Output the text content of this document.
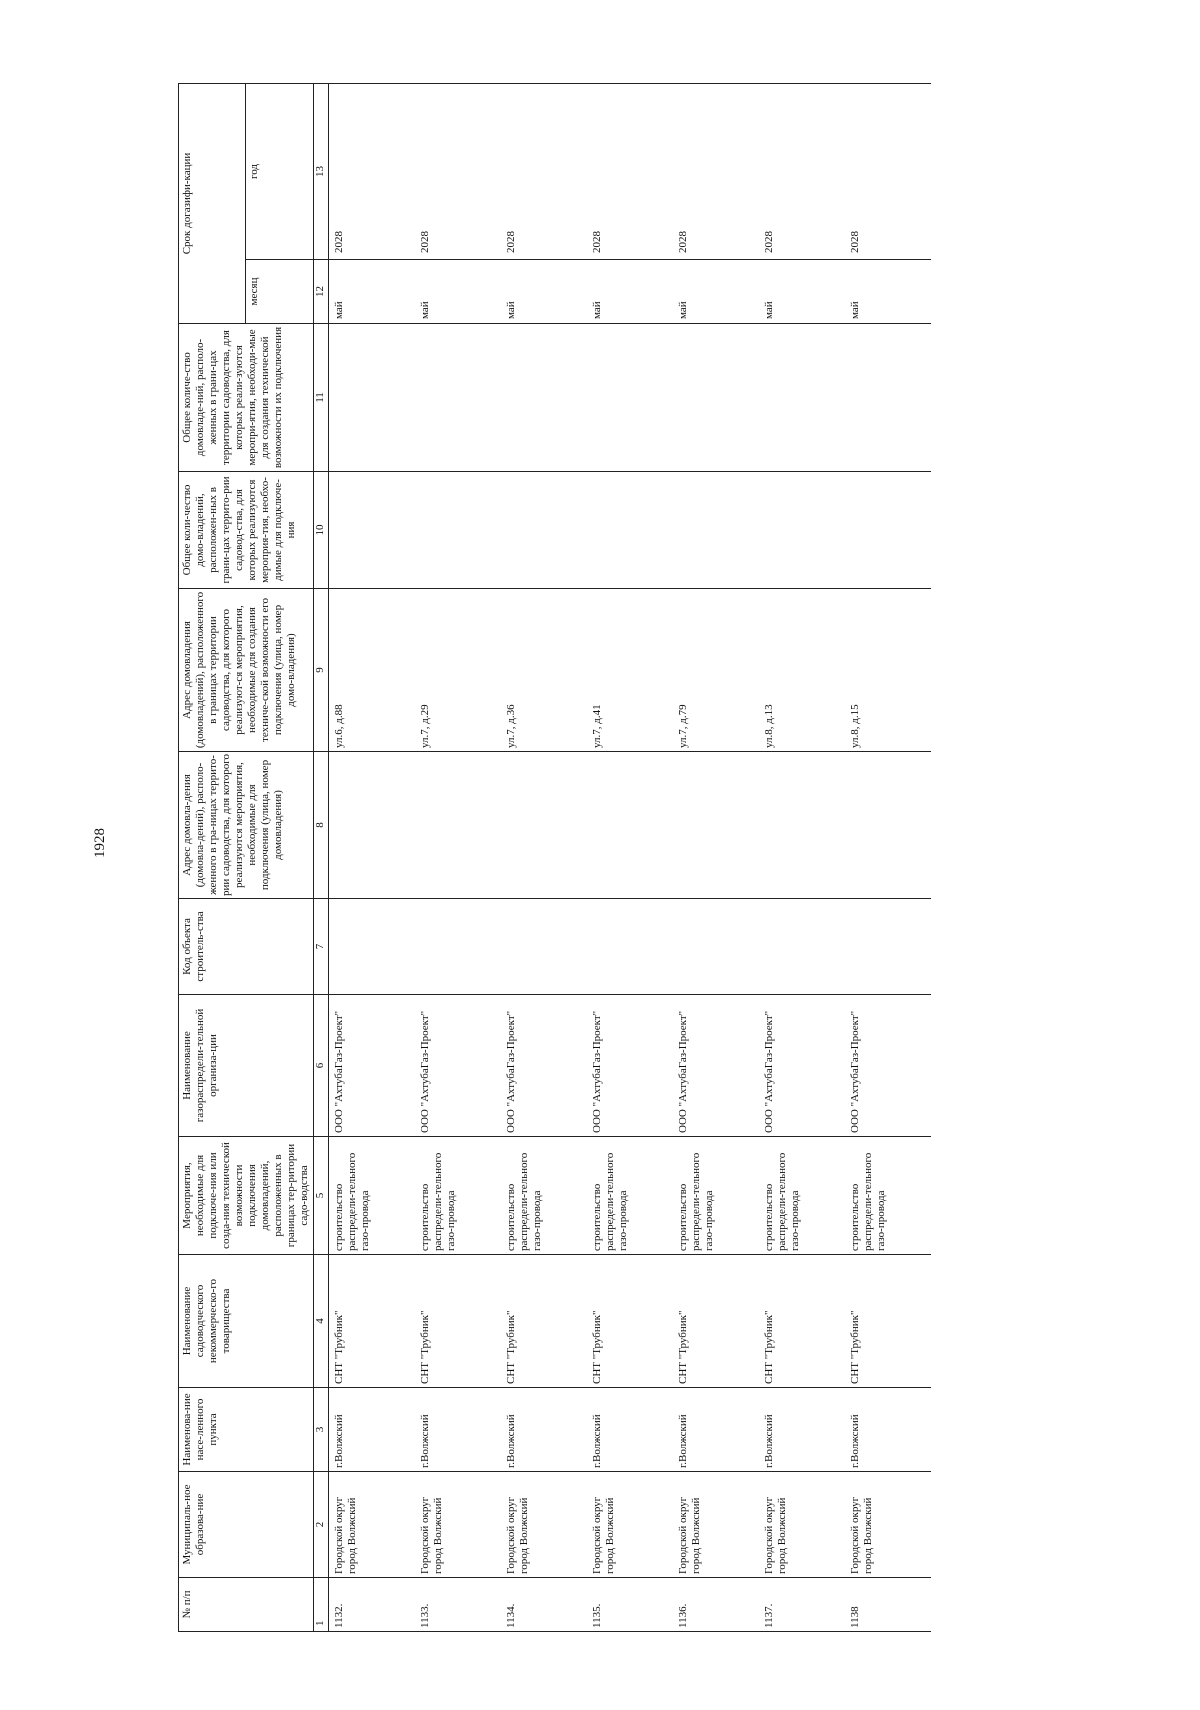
1928
№ п/п	Муниципаль-ное образова-ние	Наименова-ние насе-ленного пункта	Наименование садоводческого некоммерческо-го товарищества	Мероприятия, необходимые для подключе-ния или созда-ния технической возможности подключения домовладений, расположенных в границах тер-ритории садо-водства	Наименование газораспредели-тельной организа-ции	Код объекта строитель-ства	Адрес домовла-дения (домовла-дений), располо-женного в гра-ницах террито-рии садоводства, для которого реализуются мероприятия, необходимые для подключения (улица, номер домовладения)	Адрес домовладения (домовладений), расположенного в границах территории садоводства, для которого реализуют-ся мероприятия, необходимые для создания техниче-ской возможности его подключения (улица, номер домо-владения)	Общее коли-чество домо-владений, расположен-ных в грани-цах террито-рии садовод-ства, для которых реализуются мероприя-тия, необхо-димые для подключе-ния	Общее количе-ство домовладе-ний, располо-женных в грани-цах территории садоводства, для которых реали-зуются меропри-ятия, необходи-мые для создания технической возможности их подключения	Срок догазифи-кации	
											месяц	год
1	2	3	4	5	6	7	8	9	10	11	12	13
1132.	Городской округ город Волжский	г.Волжский	СНТ "Трубник"	строительство распредели-тельного газо-провода	ООО "АхтубаГаз-Проект"			ул.6, д.88			май	2028
1133.	Городской округ город Волжский	г.Волжский	СНТ "Трубник"	строительство распредели-тельного газо-провода	ООО "АхтубаГаз-Проект"			ул.7, д.29			май	2028
1134.	Городской округ город Волжский	г.Волжский	СНТ "Трубник"	строительство распредели-тельного газо-провода	ООО "АхтубаГаз-Проект"			ул.7, д.36			май	2028
1135.	Городской округ город Волжский	г.Волжский	СНТ "Трубник"	строительство распредели-тельного газо-провода	ООО "АхтубаГаз-Проект"			ул.7, д.41			май	2028
1136.	Городской округ город Волжский	г.Волжский	СНТ "Трубник"	строительство распредели-тельного газо-провода	ООО "АхтубаГаз-Проект"			ул.7, д.79			май	2028
1137.	Городской округ город Волжский	г.Волжский	СНТ "Трубник"	строительство распредели-тельного газо-провода	ООО "АхтубаГаз-Проект"			ул.8, д.13			май	2028
1138	Городской округ город Волжский	г.Волжский	СНТ "Трубник"	строительство распредели-тельного газо-провода	ООО "АхтубаГаз-Проект"			ул.8, д.15			май	2028
